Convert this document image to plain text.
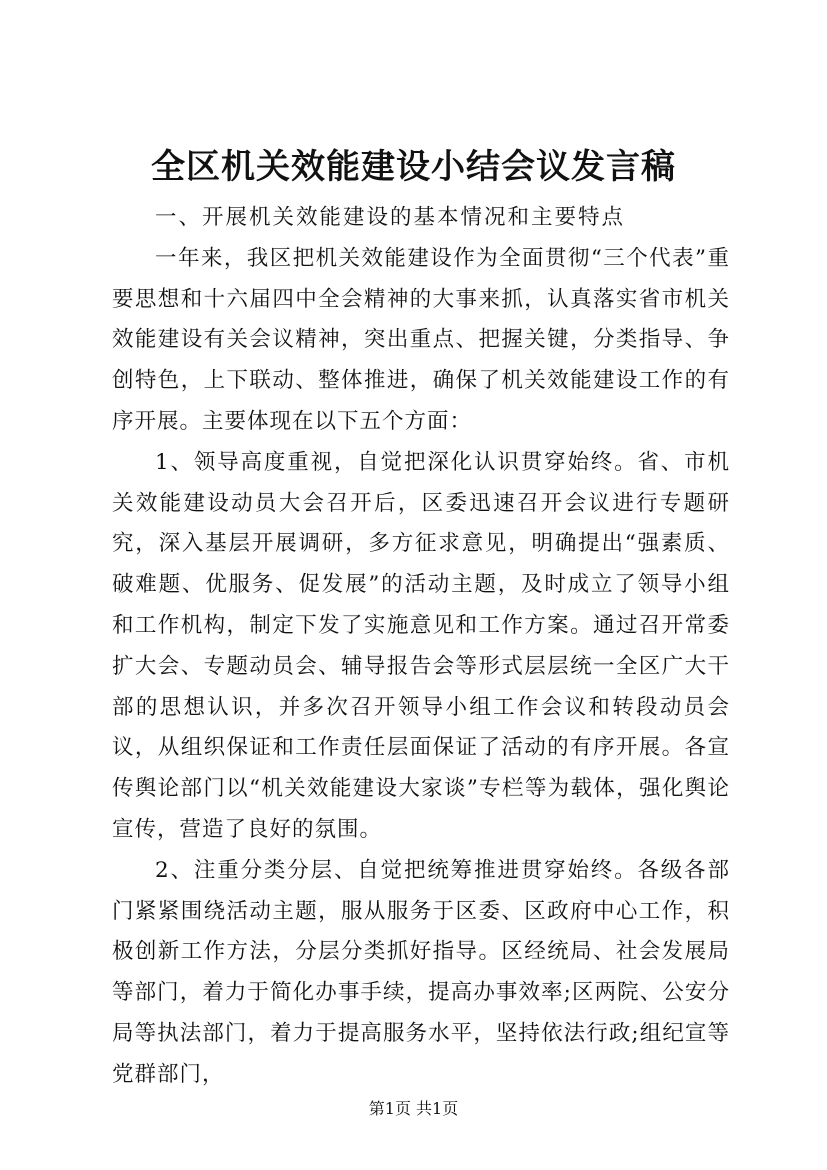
全区机关效能建设小结会议发言稿

一、开展机关效能建设的基本情况和主要特点

一年来，我区把机关效能建设作为全面贯彻“三个代表”重要思想和十六届四中全会精神的大事来抓，认真落实省市机关效能建设有关会议精神，突出重点、把握关键，分类指导、争创特色，上下联动、整体推进，确保了机关效能建设工作的有序开展。主要体现在以下五个方面：

1、领导高度重视，自觉把深化认识贯穿始终。省、市机关效能建设动员大会召开后，区委迅速召开会议进行专题研究，深入基层开展调研，多方征求意见，明确提出“强素质、破难题、优服务、促发展”的活动主题，及时成立了领导小组和工作机构，制定下发了实施意见和工作方案。通过召开常委扩大会、专题动员会、辅导报告会等形式层层统一全区广大干部的思想认识，并多次召开领导小组工作会议和转段动员会议，从组织保证和工作责任层面保证了活动的有序开展。各宣传舆论部门以“机关效能建设大家谈”专栏等为载体，强化舆论宣传，营造了良好的氛围。

2、注重分类分层、自觉把统筹推进贯穿始终。各级各部门紧紧围绕活动主题，服从服务于区委、区政府中心工作，积极创新工作方法，分层分类抓好指导。区经统局、社会发展局等部门，着力于简化办事手续，提高办事效率;区两院、公安分局等执法部门，着力于提高服务水平，坚持依法行政;组纪宣等党群部门，

第1页 共1页
